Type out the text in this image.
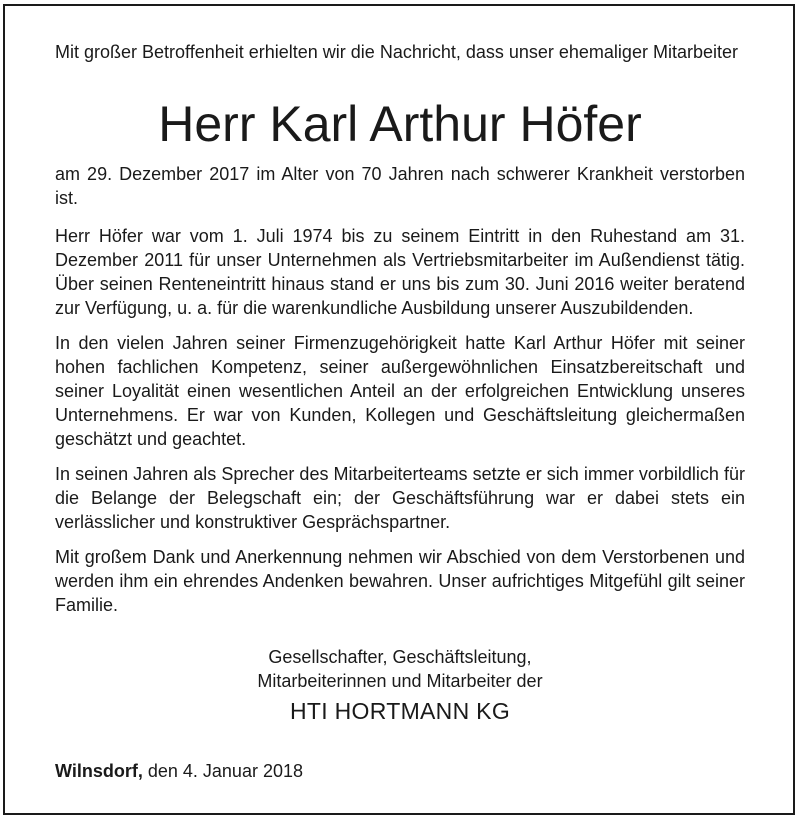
Mit großer Betroffenheit erhielten wir die Nachricht, dass unser ehemaliger Mitarbeiter
Herr Karl Arthur Höfer
am 29. Dezember 2017 im Alter von 70 Jahren nach schwerer Krankheit verstorben ist.

Herr Höfer war vom 1. Juli 1974 bis zu seinem Eintritt in den Ruhestand am 31. Dezember 2011 für unser Unternehmen als Vertriebsmitarbeiter im Außendienst tätig. Über seinen Renteneintritt hinaus stand er uns bis zum 30. Juni 2016 weiter beratend zur Verfügung, u. a. für die warenkundliche Ausbildung unserer Auszubildenden.

In den vielen Jahren seiner Firmenzugehörigkeit hatte Karl Arthur Höfer mit seiner hohen fachlichen Kompetenz, seiner außergewöhnlichen Einsatzbereitschaft und seiner Loyalität einen wesentlichen Anteil an der erfolgreichen Entwicklung unseres Unternehmens. Er war von Kunden, Kollegen und Geschäftsleitung gleichermaßen geschätzt und geachtet.

In seinen Jahren als Sprecher des Mitarbeiterteams setzte er sich immer vorbildlich für die Belange der Belegschaft ein; der Geschäftsführung war er dabei stets ein verlässlicher und konstruktiver Gesprächspartner.

Mit großem Dank und Anerkennung nehmen wir Abschied von dem Verstorbenen und werden ihm ein ehrendes Andenken bewahren. Unser aufrichtiges Mitgefühl gilt seiner Familie.

Gesellschafter, Geschäftsleitung,
Mitarbeiterinnen und Mitarbeiter der
HTI HORTMANN KG
Wilnsdorf, den 4. Januar 2018
